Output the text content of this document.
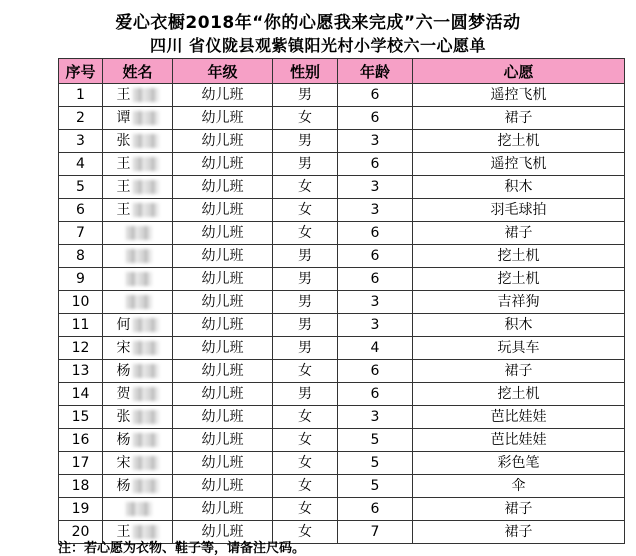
爱心衣橱2018年“你的心愿我来完成”六一圆梦活动
四川 省仪陇县观紫镇阳光村小学校六一心愿单
序号	姓名	年级	性别	年龄	心愿
1	王	幼儿班	男	6	遥控飞机
2	谭	幼儿班	女	6	裙子
3	张	幼儿班	男	3	挖土机
4	王	幼儿班	男	6	遥控飞机
5	王	幼儿班	女	3	积木
6	王	幼儿班	女	3	羽毛球拍
7		幼儿班	女	6	裙子
8		幼儿班	男	6	挖土机
9		幼儿班	男	6	挖土机
10		幼儿班	男	3	吉祥狗
11	何	幼儿班	男	3	积木
12	宋	幼儿班	男	4	玩具车
13	杨	幼儿班	女	6	裙子
14	贺	幼儿班	男	6	挖土机
15	张	幼儿班	女	3	芭比娃娃
16	杨	幼儿班	女	5	芭比娃娃
17	宋	幼儿班	女	5	彩色笔
18	杨	幼儿班	女	5	伞
19		幼儿班	女	6	裙子
20	王	幼儿班	女	7	裙子
注：若心愿为衣物、鞋子等，请备注尺码。
